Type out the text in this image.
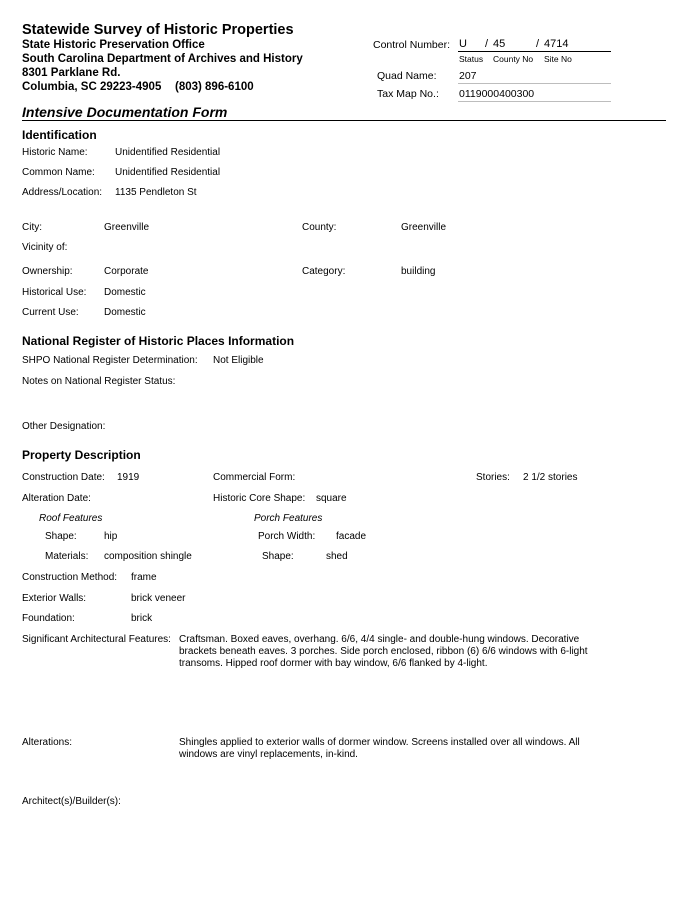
Statewide Survey of Historic Properties
State Historic Preservation Office
South Carolina Department of Archives and History
8301 Parklane Rd.
Columbia, SC 29223-4905 (803) 896-6100
Control Number: U / 45	/ 4714
Status County No Site No
Quad Name: 207
Tax Map No.: 0119000400300
Intensive Documentation Form
Identification
Historic Name:	Unidentified Residential
Common Name: Unidentified Residential
Address/Location: 1135 Pendleton St
City:	Greenville	County:	Greenville
Vicinity of:
Ownership:	Corporate	Category:	building
Historical Use: Domestic
Current Use:	Domestic
National Register of Historic Places Information
SHPO National Register Determination: Not Eligible
Notes on National Register Status:
Other Designation:
Property Description
Construction Date: 1919	Commercial Form:	Stories: 2 1/2 stories
Alteration Date:	Historic Core Shape: square
Roof Features	Porch Features
Shape:	hip	Porch Width: facade
Materials: composition shingle	Shape:	shed
Construction Method: frame
Exterior Walls:	brick veneer
Foundation:	brick
Significant Architectural Features: Craftsman. Boxed eaves, overhang. 6/6, 4/4 single- and double-hung windows. Decorative brackets beneath eaves. 3 porches. Side porch enclosed, ribbon (6) 6/6 windows with 6-light transoms. Hipped roof dormer with bay window, 6/6 flanked by 4-light.
Alterations:	Shingles applied to exterior walls of dormer window. Screens installed over all windows. All windows are vinyl replacements, in-kind.
Architect(s)/Builder(s):
